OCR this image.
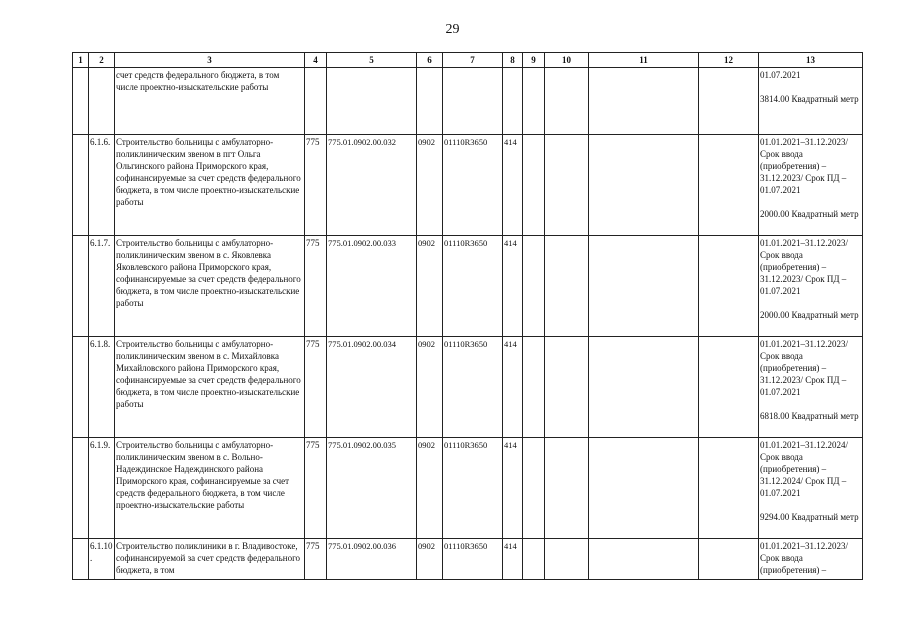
29
1	2	3	4	5	6	7	8	9	10	11	12	13
		счет средств федерального бюджета, в том числе проектно-изыскательские работы										01.07.2021
3814.00 Квадратный метр

	6.1.6.	Строительство больницы с амбулаторно-поликлиническим звеном в пгт Ольга Ольгинского района Приморского края, софинансируемые за счет средств федерального бюджета, в том числе проектно-изыскательские работы	775	775.01.0902.00.032	0902	01110R3650	414					01.01.2021–31.12.2023/ Срок ввода (приобретения) – 31.12.2023/ Срок ПД – 01.07.2021
2000.00 Квадратный метр

	6.1.7.	Строительство больницы с амбулаторно-поликлиническим звеном в с. Яковлевка Яковлевского района Приморского края, софинансируемые за счет средств федерального бюджета, в том числе проектно-изыскательские работы	775	775.01.0902.00.033	0902	01110R3650	414					01.01.2021–31.12.2023/ Срок ввода (приобретения) – 31.12.2023/ Срок ПД – 01.07.2021
2000.00 Квадратный метр

	6.1.8.	Строительство больницы с амбулаторно-поликлиническим звеном в с. Михайловка Михайловского района Приморского края, софинансируемые за счет средств федерального бюджета, в том числе проектно-изыскательские работы	775	775.01.0902.00.034	0902	01110R3650	414					01.01.2021–31.12.2023/ Срок ввода (приобретения) – 31.12.2023/ Срок ПД – 01.07.2021
6818.00 Квадратный метр

	6.1.9.	Строительство больницы с амбулаторно-поликлиническим звеном в с. Вольно-Надеждинское Надеждинского района Приморского края, софинансируемые за счет средств федерального бюджета, в том числе проектно-изыскательские работы	775	775.01.0902.00.035	0902	01110R3650	414					01.01.2021–31.12.2024/ Срок ввода (приобретения) – 31.12.2024/ Срок ПД – 01.07.2021
9294.00 Квадратный метр

	6.1.10.	Строительство поликлиники в г. Владивостоке, софинансируемой за счет средств федерального бюджета, в том	775	775.01.0902.00.036	0902	01110R3650	414					01.01.2021–31.12.2023/ Срок ввода (приобретения) –
